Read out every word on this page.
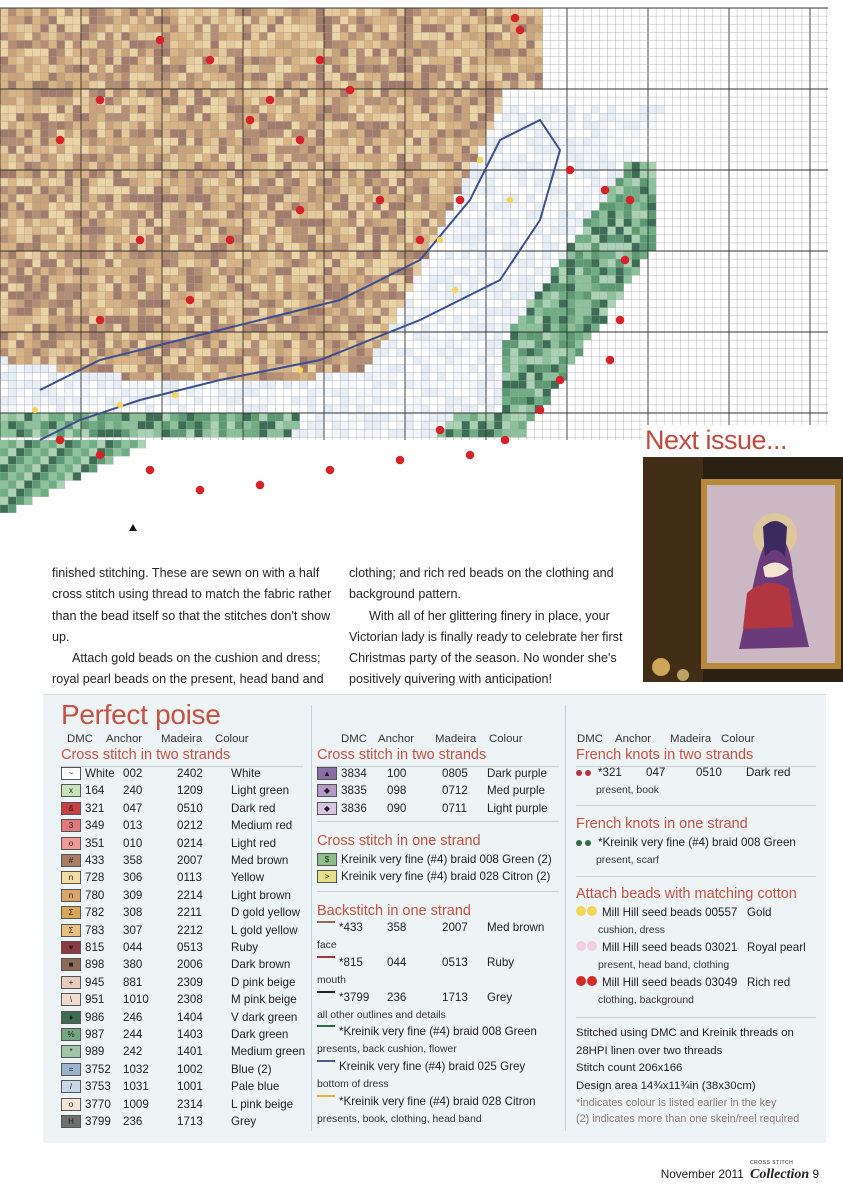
Next issue...

finished stitching. These are sewn on with a half cross stitch using thread to match the fabric rather than the bead itself so that the stitches don't show up.

Attach gold beads on the cushion and dress; royal pearl beads on the present, head band and

clothing; and rich red beads on the clothing and background pattern.

With all of her glittering finery in place, your Victorian lady is finally ready to celebrate her first Christmas party of the season. No wonder she's positively quivering with anticipation!

Perfect poise
DMC Anchor Madeira Colour
Cross stitch in two strands
DMC Anchor Madeira Colour
Cross stitch in two strands
Cross stitch in one strand
Backstitch in one strand
DMC Anchor Madeira Colour
French knots in two strands
*321 047	0510 Dark red
present, book
French knots in one strand
*Kreinik very fine (#4) braid 008 Green
present, scarf
Attach beads with matching cotton
Stitched using DMC and Kreinik threads on
28HPI linen over two threads
Stitch count 206x166
Design area 14¾x11¾in (38x30cm)
*indicates colour is listed earlier in the key
(2) indicates more than one skein/reel required
~	White 002	2402 White
x	164 240	1209 Light green
& 321 047	0510 Dark red
3	349 013	0212 Medium red
o	351 010	0214 Light red
#	433 358	2007 Med brown
n	728 306	0113	Yellow
n	780 309	2214 Light brown
Σ 782 308	2211	D gold yellow
Σ 783 307	2212 L gold yellow
♥	815 044	0513 Ruby
■ 898 380	2006 Dark brown
+	945 881	2309 D pink beige
\	951 1010 2308 M pink beige
♦	986 246	1404 V dark green
% 987 244	1403 Dark green
*	989 242	1401 Medium green
=	3752 1032 1002 Blue (2)
/	3753 1031 1001 Pale blue
o	3770 1009 2314 L pink beige
H 3799 236	1713 Grey
▲ 3834 100	0805 Dark purple
◆ 3835 098	0712 Med purple
◆ 3836 090	0711 Light purple
$	Kreinik very fine (#4) braid 008 Green (2)
>	Kreinik very fine (#4) braid 028 Citron (2)
*433 358	2007 Med brown
face
*815 044	0513 Ruby
mouth
*3799 236	1713 Grey
all other outlines and details
*Kreinik very fine (#4) braid 008 Green
presents, back cushion, flower
Kreinik very fine (#4) braid 025 Grey
bottom of dress
*Kreinik very fine (#4) braid 028 Citron
presents, book, clothing, head band
Mill Hill seed beads 00557 Gold
cushion, dress
Mill Hill seed beads 03021 Royal pearl
present, head band, clothing
Mill Hill seed beads 03049 Rich red
clothing, background
November 2011
CROSS STITCH
Collection 9
